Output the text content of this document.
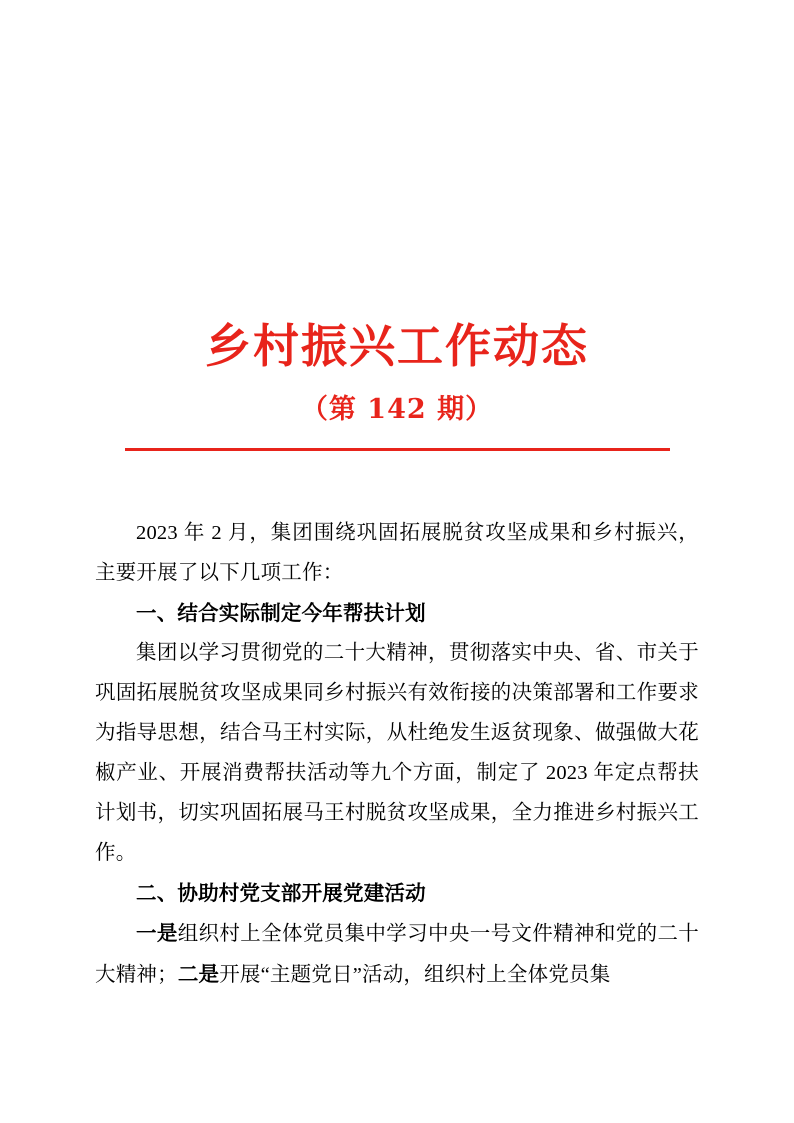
乡村振兴工作动态
（第 142 期）

2023 年 2 月，集团围绕巩固拓展脱贫攻坚成果和乡村振兴，主要开展了以下几项工作：

一、结合实际制定今年帮扶计划

集团以学习贯彻党的二十大精神，贯彻落实中央、省、市关于巩固拓展脱贫攻坚成果同乡村振兴有效衔接的决策部署和工作要求为指导思想，结合马王村实际，从杜绝发生返贫现象、做强做大花椒产业、开展消费帮扶活动等九个方面，制定了 2023 年定点帮扶计划书，切实巩固拓展马王村脱贫攻坚成果，全力推进乡村振兴工作。

二、协助村党支部开展党建活动

一是组织村上全体党员集中学习中央一号文件精神和党的二十大精神；二是开展“主题党日”活动，组织村上全体党员集
